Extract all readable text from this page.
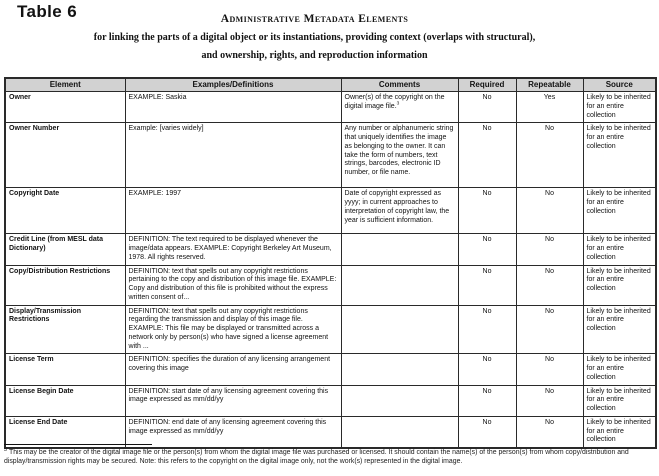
Table 6	Administrative Metadata Elements
for linking the parts of a digital object or its instantiations, providing context (overlaps with structural),
and ownership, rights, and reproduction information
Element	Examples/Definitions	Comments	Required	Repeatable	Source
Owner	EXAMPLE: Saskia	Owner(s) of the copyright on the digital image file.$^3$	No	Yes	Likely to be inherited for an entire collection
Owner Number	Example: [varies widely]	Any number or alphanumeric string that uniquely identifies the image as belonging to the owner. It can take the form of numbers, text strings, barcodes, electronic ID number, or file name.	No	No	Likely to be inherited for an entire collection
Copyright Date	EXAMPLE: 1997	Date of copyright expressed as yyyy; in current approaches to interpretation of copyright law, the year is sufficient information.	No	No	Likely to be inherited for an entire collection
Credit Line (from MESL data Dictionary)	DEFINITION: The text required to be displayed whenever the image/data appears. EXAMPLE: Copyright Berkeley Art Museum, 1978. All rights reserved.		No	No	Likely to be inherited for an entire collection
Copy/Distribution Restrictions	DEFINITION: text that spells out any copyright restrictions pertaining to the copy and distribution of this image file. EXAMPLE: Copy and distribution of this file is prohibited without the express written consent of...		No	No	Likely to be inherited for an entire collection
Display/Transmission Restrictions	DEFINITION: text that spells out any copyright restrictions regarding the transmission and display of this image file. EXAMPLE: This file may be displayed or transmitted across a network only by person(s) who have signed a license agreement with ...		No	No	Likely to be inherited for an entire collection
License Term	DEFINITION: specifies the duration of any licensing arrangement covering this image		No	No	Likely to be inherited for an entire collection
License Begin Date	DEFINITION: start date of any licensing agreement covering this image expressed as mm/dd/yy		No	No	Likely to be inherited for an entire collection
License End Date	DEFINITION: end date of any licensing agreement covering this image expressed as mm/dd/yy		No	No	Likely to be inherited for an entire collection
$^3$ This may be the creator of the digital image file or the person(s) from whom the digital image file was purchased or licensed. It should contain the name(s) of the person(s) from whom copy/distribution and display/transmission rights may be secured. Note: this refers to the copyright on the digital image only, not the work(s) represented in the digital image.
